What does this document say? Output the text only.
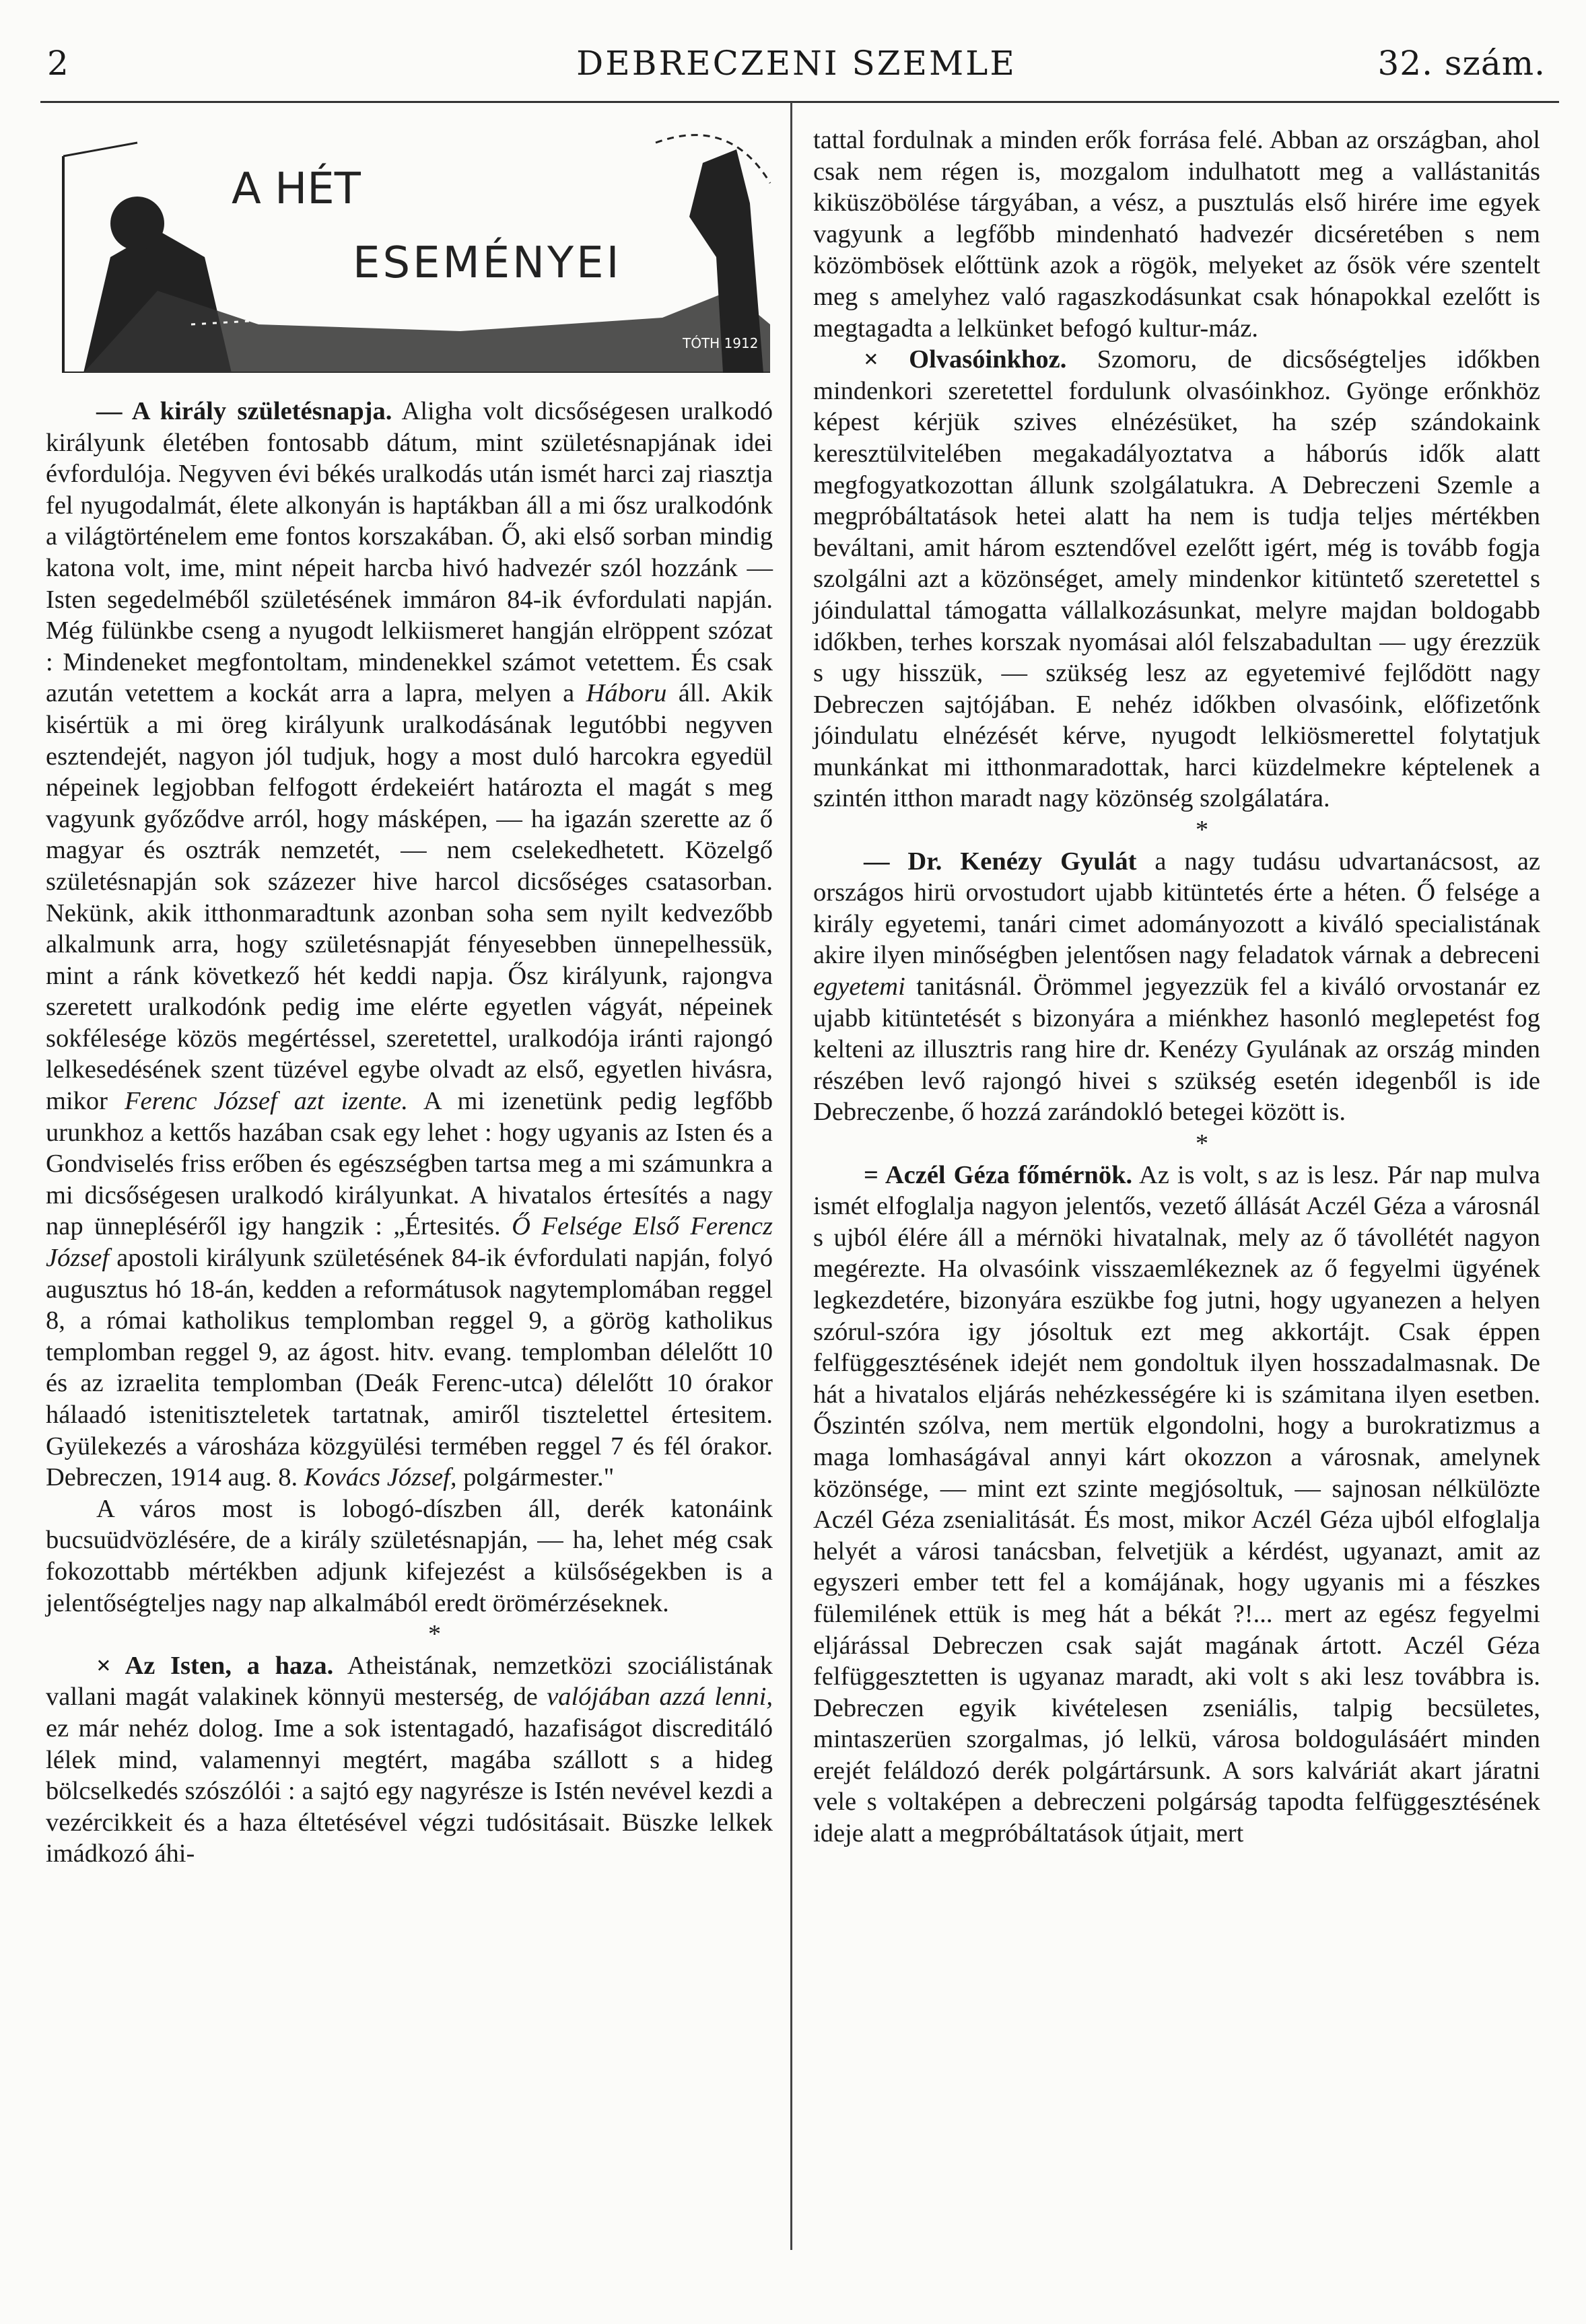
2	DEBRECZENI SZEMLE	32. szám.
A HÉT
ESEMÉNYEI
TÓTH 1912

— A király születésnapja. Aligha volt dicsőségesen uralkodó királyunk életében fontosabb dátum, mint születésnapjának idei évfordulója. Negyven évi békés uralkodás után ismét harci zaj riasztja fel nyugodalmát, élete alkonyán is haptákban áll a mi ősz uralkodónk a világtörténelem eme fontos korszakában. Ő, aki első sorban mindig katona volt, ime, mint népeit harcba hivó hadvezér szól hozzánk — Isten segedelméből születésének immáron 84-ik évfordulati napján. Még fülünkbe cseng a nyugodt lelkiismeret hangján elröppent szózat : Mindeneket megfontoltam, mindenekkel számot vetettem. És csak azután vetettem a kockát arra a lapra, melyen a Háboru áll. Akik kisértük a mi öreg királyunk uralkodásának legutóbbi negyven esztendejét, nagyon jól tudjuk, hogy a most duló harcokra egyedül népeinek legjobban felfogott érdekeiért határozta el magát s meg vagyunk győződve arról, hogy másképen, — ha igazán szerette az ő magyar és osztrák nemzetét, — nem cselekedhetett. Közelgő születésnapján sok százezer hive harcol dicsőséges csatasorban. Nekünk, akik itthonmaradtunk azonban soha sem nyilt kedvezőbb alkalmunk arra, hogy születésnapját fényesebben ünnepelhessük, mint a ránk következő hét keddi napja. Ősz királyunk, rajongva szeretett uralkodónk pedig ime elérte egyetlen vágyát, népeinek sokfélesége közös megértéssel, szeretettel, uralkodója iránti rajongó lelkesedésének szent tüzével egybe olvadt az első, egyetlen hivásra, mikor Ferenc József azt izente. A mi izenetünk pedig legfőbb urunkhoz a kettős hazában csak egy lehet : hogy ugyanis az Isten és a Gondviselés friss erőben és egészségben tartsa meg a mi számunkra a mi dicsőségesen uralkodó királyunkat. A hivatalos értesítés a nagy nap ünnepléséről igy hangzik : „Értesités. Ő Felsége Első Ferencz József apostoli királyunk születésének 84-ik évfordulati napján, folyó augusztus hó 18-án, kedden a reformátusok nagytemplomában reggel 8, a római katholikus templomban reggel 9, a görög katholikus templomban reggel 9, az ágost. hitv. evang. templomban délelőtt 10 és az izraelita templomban (Deák Ferenc-utca) délelőtt 10 órakor hálaadó istenitiszteletek tartatnak, amiről tisztelettel értesitem. Gyülekezés a városháza közgyülési termében reggel 7 és fél órakor. Debreczen, 1914 aug. 8. Kovács József, polgármester."

A város most is lobogó-díszben áll, derék katonáink bucsuüdvözlésére, de a király születésnapján, — ha, lehet még csak fokozottabb mértékben adjunk kifejezést a külsőségekben is a jelentőségteljes nagy nap alkalmából eredt örömérzéseknek.

*

× Az Isten, a haza. Atheistának, nemzetközi szociálistának vallani magát valakinek könnyü mesterség, de valójában azzá lenni, ez már nehéz dolog. Ime a sok istentagadó, hazafiságot discreditáló lélek mind, valamennyi megtért, magába szállott s a hideg bölcselkedés szószólói : a sajtó egy nagyrésze is Istén nevével kezdi a vezércikkeit és a haza éltetésével végzi tudósitásait. Büszke lelkek imádkozó áhi-

tattal fordulnak a minden erők forrása felé. Abban az országban, ahol csak nem régen is, mozgalom indulhatott meg a vallástanitás kiküszöbölése tárgyában, a vész, a pusztulás első hirére ime egyek vagyunk a legfőbb mindenható hadvezér dicséretében s nem közömbösek előttünk azok a rögök, melyeket az ősök vére szentelt meg s amelyhez való ragaszkodásunkat csak hónapokkal ezelőtt is megtagadta a lelkünket befogó kultur-máz.

× Olvasóinkhoz. Szomoru, de dicsőségteljes időkben mindenkori szeretettel fordulunk olvasóinkhoz. Gyönge erőnkhöz képest kérjük szives elnézésüket, ha szép szándokaink keresztülvitelében megakadályoztatva a háborús idők alatt megfogyatkozottan állunk szolgálatukra. A Debreczeni Szemle a megpróbáltatások hetei alatt ha nem is tudja teljes mértékben beváltani, amit három esztendővel ezelőtt igért, még is tovább fogja szolgálni azt a közönséget, amely mindenkor kitüntető szeretettel s jóindulattal támogatta vállalkozásunkat, melyre majdan boldogabb időkben, terhes korszak nyomásai alól felszabadultan — ugy érezzük s ugy hisszük, — szükség lesz az egyetemivé fejlődött nagy Debreczen sajtójában. E nehéz időkben olvasóink, előfizetőnk jóindulatu elnézését kérve, nyugodt lelkiösmerettel folytatjuk munkánkat mi itthonmaradottak, harci küzdelmekre képtelenek a szintén itthon maradt nagy közönség szolgálatára.

*

— Dr. Kenézy Gyulát a nagy tudásu udvartanácsost, az országos hirü orvostudort ujabb kitüntetés érte a héten. Ő felsége a király egyetemi, tanári cimet adományozott a kiváló specialistának akire ilyen minőségben jelentősen nagy feladatok várnak a debreceni egyetemi tanitásnál. Örömmel jegyezzük fel a kiváló orvostanár ez ujabb kitüntetését s bizonyára a miénkhez hasonló meglepetést fog kelteni az illusztris rang hire dr. Kenézy Gyulának az ország minden részében levő rajongó hivei s szükség esetén idegenből is ide Debreczenbe, ő hozzá zarándokló betegei között is.

*

= Aczél Géza főmérnök. Az is volt, s az is lesz. Pár nap mulva ismét elfoglalja nagyon jelentős, vezető állását Aczél Géza a városnál s ujból élére áll a mérnöki hivatalnak, mely az ő távollétét nagyon megérezte. Ha olvasóink visszaemlékeznek az ő fegyelmi ügyének legkezdetére, bizonyára eszükbe fog jutni, hogy ugyanezen a helyen szórul-szóra igy jósoltuk ezt meg akkortájt. Csak éppen felfüggesztésének idejét nem gondoltuk ilyen hosszadalmasnak. De hát a hivatalos eljárás nehézkességére ki is számitana ilyen esetben. Őszintén szólva, nem mertük elgondolni, hogy a burokratizmus a maga lomhaságával annyi kárt okozzon a városnak, amelynek közönsége, — mint ezt szinte megjósoltuk, — sajnosan nélkülözte Aczél Géza zsenialitását. És most, mikor Aczél Géza ujból elfoglalja helyét a városi tanácsban, felvetjük a kérdést, ugyanazt, amit az egyszeri ember tett fel a komájának, hogy ugyanis mi a fészkes fülemilének ettük is meg hát a békát ?!... mert az egész fegyelmi eljárással Debreczen csak saját magának ártott. Aczél Géza felfüggesztetten is ugyanaz maradt, aki volt s aki lesz továbbra is. Debreczen egyik kivételesen zseniális, talpig becsületes, mintaszerüen szorgalmas, jó lelkü, városa boldogulásáért minden erejét feláldozó derék polgártársunk. A sors kalváriát akart járatni vele s voltaképen a debreczeni polgárság tapodta felfüggesztésének ideje alatt a megpróbáltatások útjait, mert
